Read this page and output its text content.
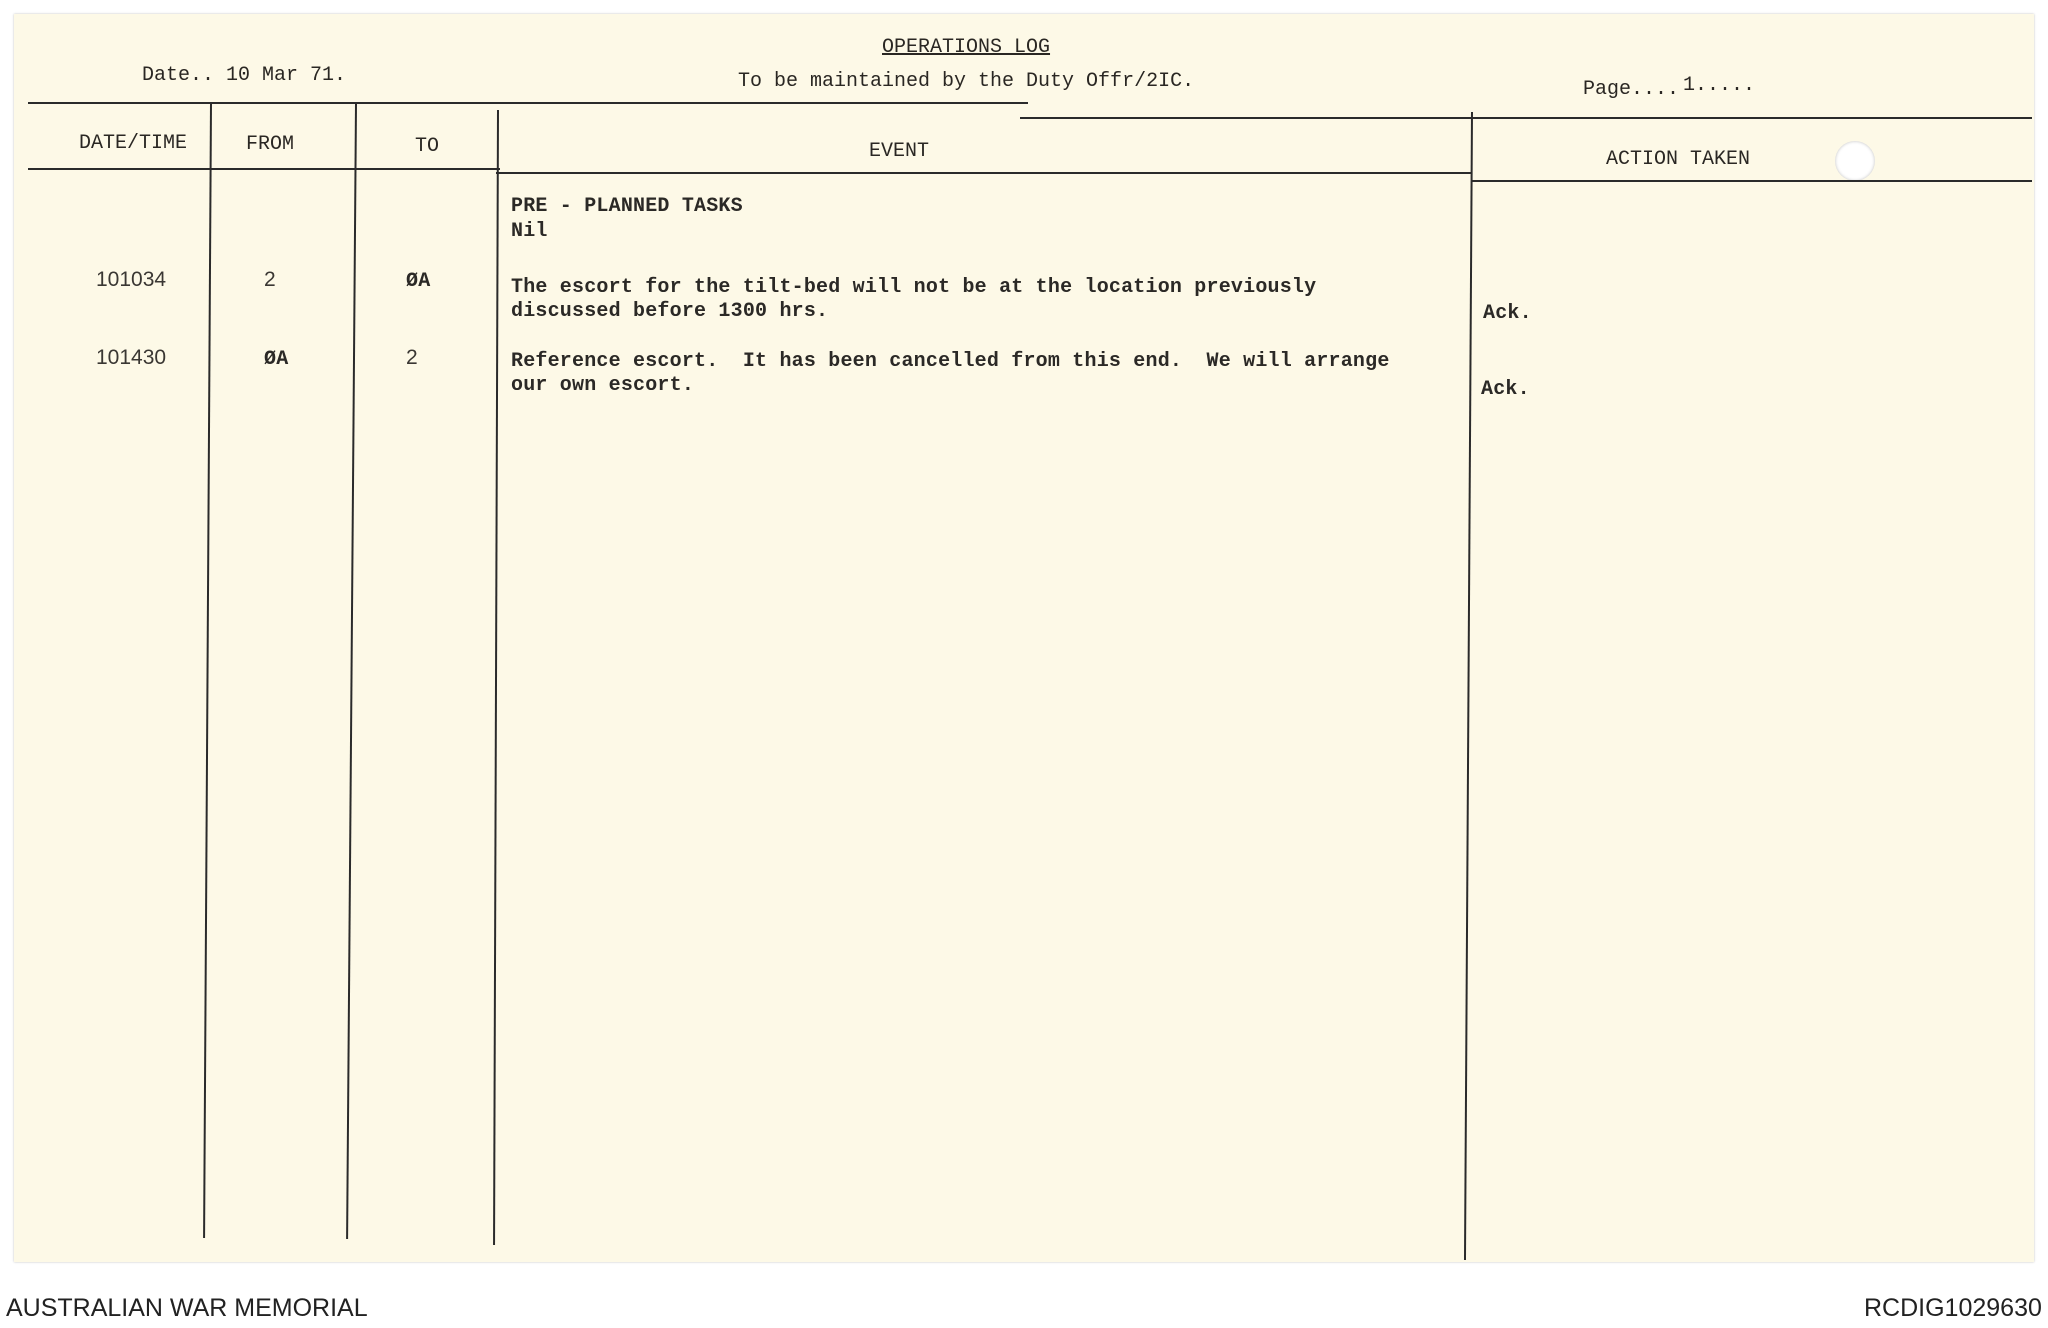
OPERATIONS LOG
To be maintained by the Duty Offr/2IC.
Date.. 10 Mar 71.
Page.... 1.....
DATE/TIME	FROM	TO	EVENT	ACTION TAKEN
PRE - PLANNED TASKS
Nil
101034	2	ØA	The escort for the tilt-bed will not be at the location previously
discussed before 1300 hrs.	Ack.
101430	ØA	2	Reference escort.  It has been cancelled from this end.  We will arrange
our own escort.	Ack.
AUSTRALIAN WAR MEMORIAL	RCDIG1029630
